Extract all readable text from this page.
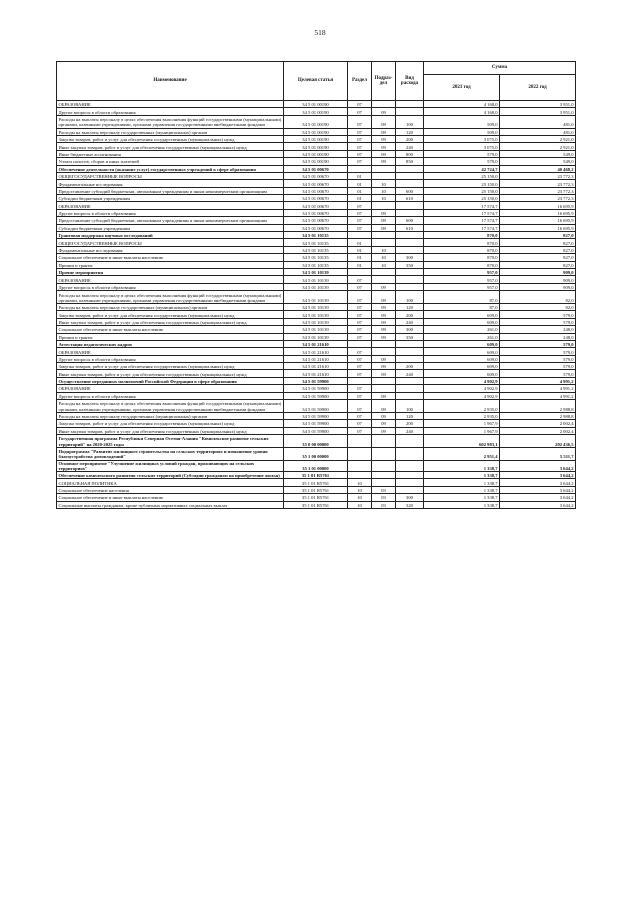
518
Наименование	Целевая статья	Раздел	Подраз-дел	Вид расхода	Сумма	
					2021 год	2022 год
ОБРАЗОВАНИЕ	34 5 01 00190	07			4 168,0	3 951,0
Другие вопросы в области образования	34 5 01 00190	07	09		4 168,0	3 951,0
Расходы на выплаты персоналу в целях обеспечения выполнения функций государственными (муниципальными) органами, казенными учреждениями, органами управления государственными внебюджетными фондами	34 5 01 00190	07	09	100	509,0	481,0
Расходы на выплаты персоналу государственных (муниципальных) органов	34 5 01 00190	07	09	120	509,0	481,0
Закупка товаров, работ и услуг для обеспечения государственных (муниципальных) нужд	34 5 01 00190	07	09	200	3 075,0	2 921,0
Иные закупки товаров, работ и услуг для обеспечения государственных (муниципальных) нужд	34 5 01 00190	07	09	240	3 075,0	2 921,0
Иные бюджетные ассигнования	34 5 01 00190	07	09	800	579,0	549,0
Уплата налогов, сборов и иных платежей	34 5 01 00190	07	09	850	579,0	549,0
Обеспечение деятельности (оказание услуг) государственных учреждений в сфере образования	34 5 01 00670				42 724,7	40 468,2
ОБЩЕГОСУДАРСТВЕННЫЕ ВОПРОСЫ	34 5 01 00670	01			25 150,0	23 772,3
Фундаментальные исследования	34 5 01 00670	01	10		25 150,0	23 772,3
Предоставление субсидий бюджетным, автономным учреждениям и иным некоммерческим организациям	34 5 01 00670	01	10	600	25 150,0	23 772,3
Субсидии бюджетным учреждениям	34 5 01 00670	01	10	610	25 150,0	23 772,3
ОБРАЗОВАНИЕ	34 5 01 00670	07			17 574,7	16 695,9
Другие вопросы в области образования	34 5 01 00670	07	09		17 574,7	16 695,9
Предоставление субсидий бюджетным, автономным учреждениям и иным некоммерческим организациям	34 5 01 00670	07	09	600	17 574,7	16 695,9
Субсидии бюджетным учреждениям	34 5 01 00670	07	09	610	17 574,7	16 695,9
Грантовая поддержка научных исследований	34 5 01 10135				870,0	827,0
ОБЩЕГОСУДАРСТВЕННЫЕ ВОПРОСЫ	34 5 01 10135	01			870,0	827,0
Фундаментальные исследования	34 5 01 10135	01	10		870,0	827,0
Социальное обеспечение и иные выплаты населению	34 5 01 10135	01	10	300	870,0	827,0
Премии и гранты	34 5 01 10135	01	10	350	870,0	827,0
Прочие мероприятия	34 5 01 10139				957,0	909,0
ОБРАЗОВАНИЕ	34 5 01 10139	07			957,0	909,0
Другие вопросы в области образования	34 5 01 10139	07	09		957,0	909,0
Расходы на выплаты персоналу в целях обеспечения выполнения функций государственными (муниципальными) органами, казенными учреждениями, органами управления государственными внебюджетными фондами	34 5 01 10139	07	09	100	87,0	82,0
Расходы на выплаты персоналу государственных (муниципальных) органов	34 5 01 10139	07	09	120	87,0	82,0
Закупка товаров, работ и услуг для обеспечения государственных (муниципальных) нужд	34 5 01 10139	07	09	200	609,0	579,0
Иные закупки товаров, работ и услуг для обеспечения государственных (муниципальных) нужд	34 5 01 10139	07	09	240	609,0	579,0
Социальное обеспечение и иные выплаты населению	34 5 01 10139	07	09	300	261,0	248,0
Премии и гранты	34 5 01 10139	07	09	350	261,0	248,0
Аттестация педагогических кадров	34 5 01 21610				609,0	579,0
ОБРАЗОВАНИЕ	34 5 01 21610	07			609,0	579,0
Другие вопросы в области образования	34 5 01 21610	07	09		609,0	579,0
Закупка товаров, работ и услуг для обеспечения государственных (муниципальных) нужд	34 5 01 21610	07	09	200	609,0	579,0
Иные закупки товаров, работ и услуг для обеспечения государственных (муниципальных) нужд	34 5 01 21610	07	09	240	609,0	579,0
Осуществление переданных полномочий Российской Федерации в сфере образования	34 5 01 59900				4 902,9	4 991,2
ОБРАЗОВАНИЕ	34 5 01 59900	07			4 902,9	4 991,2
Другие вопросы в области образования	34 5 01 59900	07	09		4 902,9	4 991,2
Расходы на выплаты персоналу в целях обеспечения выполнения функций государственными (муниципальными) органами, казенными учреждениями, органами управления государственными внебюджетными фондами	34 5 01 59900	07	09	100	2 935,0	2 988,8
Расходы на выплаты персоналу государственных (муниципальных) органов	34 5 01 59900	07	09	120	2 935,0	2 988,8
Закупка товаров, работ и услуг для обеспечения государственных (муниципальных) нужд	34 5 01 59900	07	09	200	1 967,9	2 002,4
Иные закупки товаров, работ и услуг для обеспечения государственных (муниципальных) нужд	34 5 01 59900	07	09	240	1 967,9	2 002,4
Государственная программа Республики Северная Осетия-Алания "Комплексное развитие сельских территорий" на 2020-2025 годы	35 0 00 00000				602 983,1	202 436,5
Подпрограмма "Развитие жилищного строительства на сельских территориях и повышение уровня благоустройства домовладений"	35 1 00 00000				2 951,4	5 511,7
Основное мероприятие "Улучшение жилищных условий граждан, проживающих на сельских территориях"	35 1 01 00000				1 338,7	3 644,2
Обеспечение комплексного развития сельских территорий (Субсидии гражданам на приобретение жилья)	35 1 01 R5761				1 338,7	3 644,2
СОЦИАЛЬНАЯ ПОЛИТИКА	35 1 01 R5761	10			1 338,7	3 644,2
Социальное обеспечение населения	35 1 01 R5761	10	03		1 338,7	3 644,2
Социальное обеспечение и иные выплаты населению	35 1 01 R5761	10	03	300	1 338,7	3 644,2
Социальные выплаты гражданам, кроме публичных нормативных социальных выплат	35 1 01 R5761	10	03	320	1 338,7	3 644,2
